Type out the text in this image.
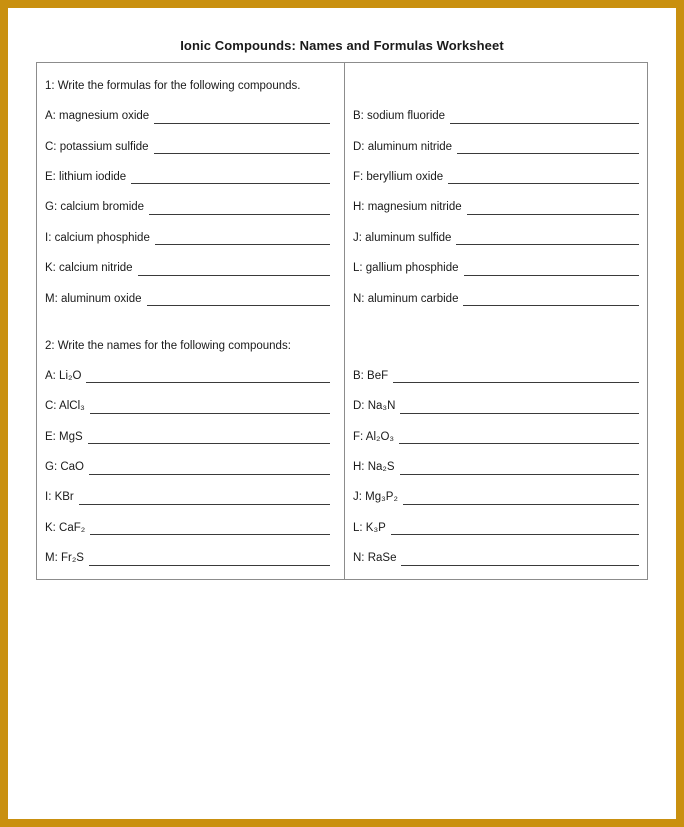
Ionic Compounds: Names and Formulas Worksheet
1: Write the formulas for the following compounds.
A: magnesium oxide
C: potassium sulfide
E: lithium iodide
G: calcium bromide
I: calcium phosphide
K: calcium nitride
M: aluminum oxide
2: Write the names for the following compounds:
A: Li₂O
C: AlCl₃
E: MgS
G: CaO
I: KBr
K: CaF₂
M: Fr₂S
B: sodium fluoride
D: aluminum nitride
F: beryllium oxide
H: magnesium nitride
J: aluminum sulfide
L: gallium phosphide
N: aluminum carbide
B: BeF
D: Na₃N
F: Al₂O₃
H: Na₂S
J: Mg₃P₂
L: K₃P
N: RaSe
